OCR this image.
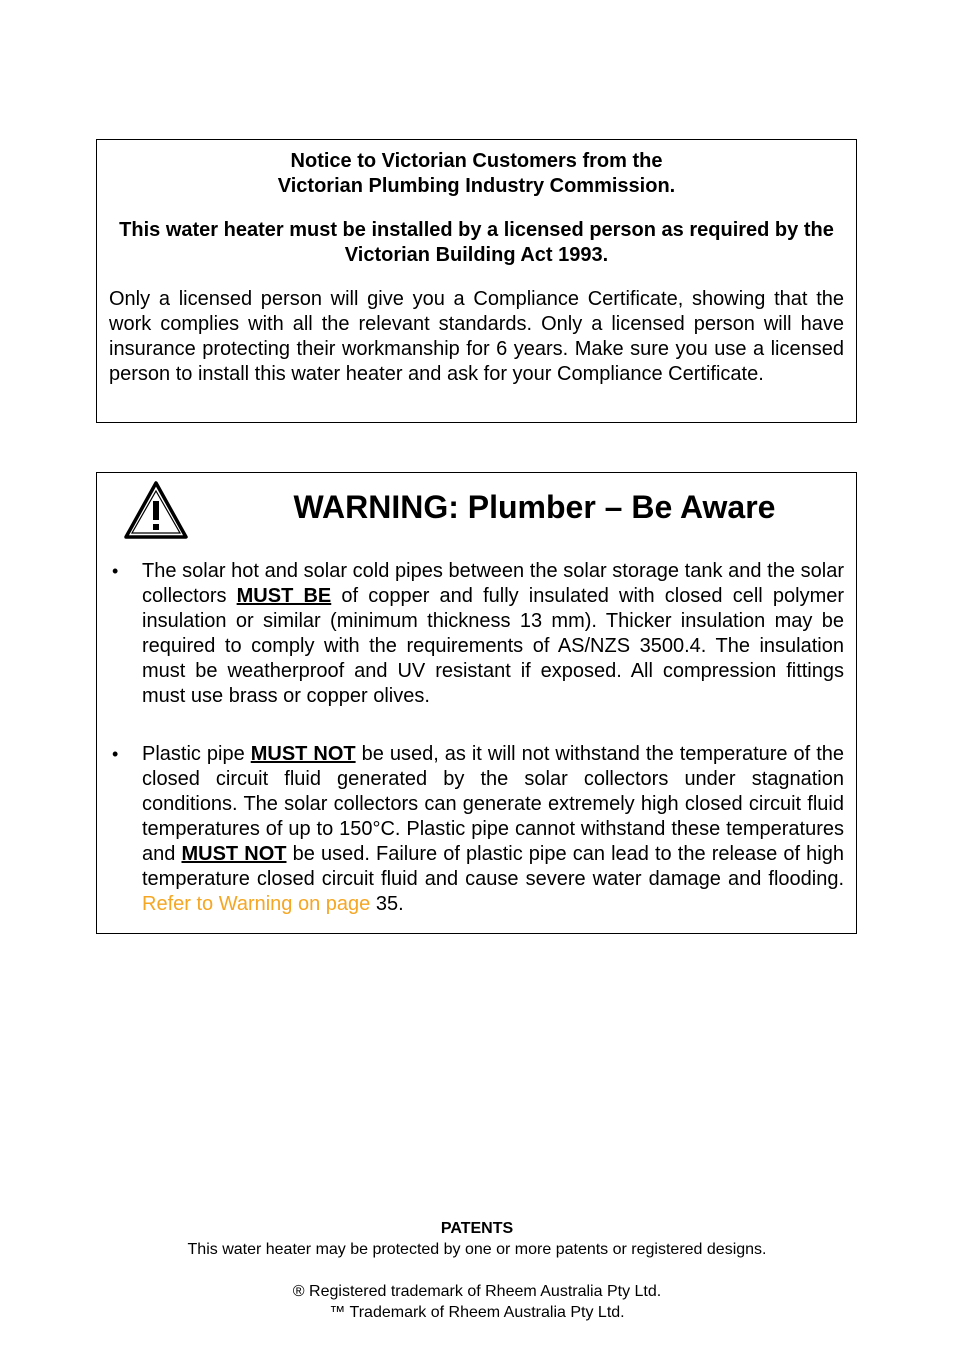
Notice to Victorian Customers from the
Victorian Plumbing Industry Commission.

This water heater must be installed by a licensed person as required by the Victorian Building Act 1993.

Only a licensed person will give you a Compliance Certificate, showing that the work complies with all the relevant standards. Only a licensed person will have insurance protecting their workmanship for 6 years. Make sure you use a licensed person to install this water heater and ask for your Compliance Certificate.

WARNING: Plumber – Be Aware
• The solar hot and solar cold pipes between the solar storage tank and the solar collectors MUST BE of copper and fully insulated with closed cell polymer insulation or similar (minimum thickness 13 mm). Thicker insulation may be required to comply with the requirements of AS/NZS 3500.4. The insulation must be weatherproof and UV resistant if exposed. All compression fittings must use brass or copper olives.
• Plastic pipe MUST NOT be used, as it will not withstand the temperature of the closed circuit fluid generated by the solar collectors under stagnation conditions. The solar collectors can generate extremely high closed circuit fluid temperatures of up to 150°C. Plastic pipe cannot withstand these temperatures and MUST NOT be used. Failure of plastic pipe can lead to the release of high temperature closed circuit fluid and cause severe water damage and flooding. Refer to Warning on page 35.
PATENTS
This water heater may be protected by one or more patents or registered designs.
® Registered trademark of Rheem Australia Pty Ltd.
™ Trademark of Rheem Australia Pty Ltd.
